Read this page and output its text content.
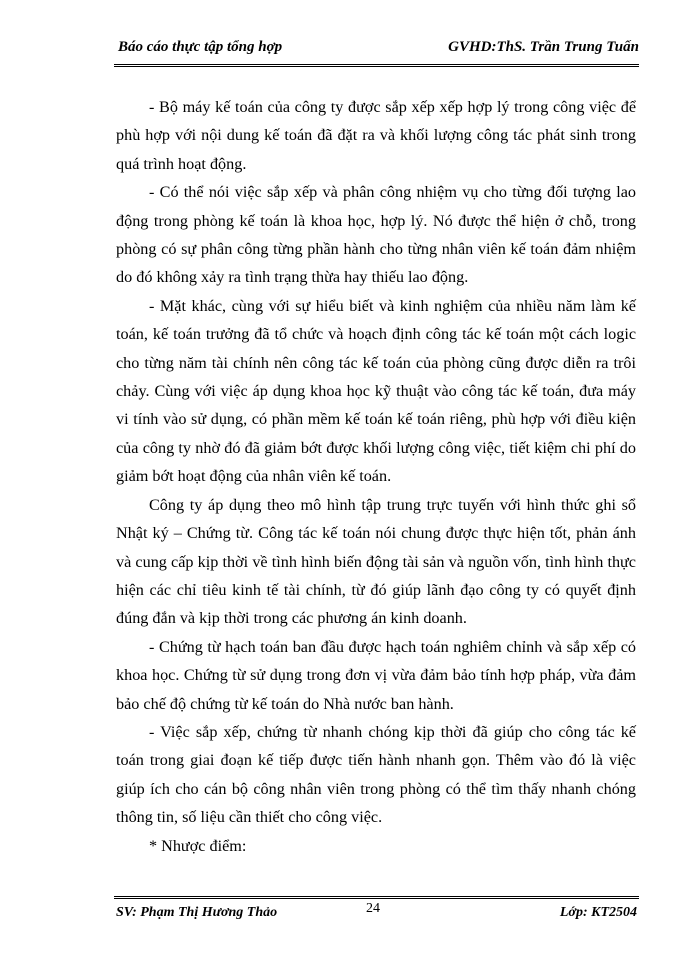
Báo cáo thực tập tổng hợp	GVHD:ThS. Trần Trung Tuấn

- Bộ máy kế toán của công ty được sắp xếp xếp hợp lý trong công việc để phù hợp với nội dung kế toán đã đặt ra và khối lượng công tác phát sinh trong quá trình hoạt động.

- Có thể nói việc sắp xếp và phân công nhiệm vụ cho từng đối tượng lao động trong phòng kế toán là khoa học, hợp lý. Nó được thể hiện ở chỗ, trong phòng có sự phân công từng phần hành cho từng nhân viên kế toán đảm nhiệm do đó không xảy ra tình trạng thừa hay thiếu lao động.

- Mặt khác, cùng với sự hiểu biết và kinh nghiệm của nhiều năm làm kế toán, kế toán trưởng đã tổ chức và hoạch định công tác kế toán một cách logic cho từng năm tài chính nên công tác kế toán của phòng cũng được diễn ra trôi chảy. Cùng với việc áp dụng khoa học kỹ thuật vào công tác kế toán, đưa máy vi tính vào sử dụng, có phần mềm kế toán kế toán riêng, phù hợp với điều kiện của công ty nhờ đó đã giảm bớt được khối lượng công việc, tiết kiệm chi phí do giảm bớt hoạt động của nhân viên kế toán.

Công ty áp dụng theo mô hình tập trung trực tuyến với hình thức ghi sổ Nhật ký – Chứng từ. Công tác kế toán nói chung được thực hiện tốt, phản ánh và cung cấp kịp thời về tình hình biến động tài sản và nguồn vốn, tình hình thực hiện các chỉ tiêu kinh tế tài chính, từ đó giúp lãnh đạo công ty có quyết định đúng đắn và kịp thời trong các phương án kinh doanh.

- Chứng từ hạch toán ban đầu được hạch toán nghiêm chỉnh và sắp xếp có khoa học. Chứng từ sử dụng trong đơn vị vừa đảm bảo tính hợp pháp, vừa đảm bảo chế độ chứng từ kế toán do Nhà nước ban hành.

- Việc sắp xếp, chứng từ nhanh chóng kịp thời đã giúp cho công tác kế toán trong giai đoạn kế tiếp được tiến hành nhanh gọn. Thêm vào đó là việc giúp ích cho cán bộ công nhân viên trong phòng có thể tìm thấy nhanh chóng thông tin, số liệu cần thiết cho công việc.

* Nhược điểm:

SV: Phạm Thị Hương Thảo	24	Lớp: KT2504
